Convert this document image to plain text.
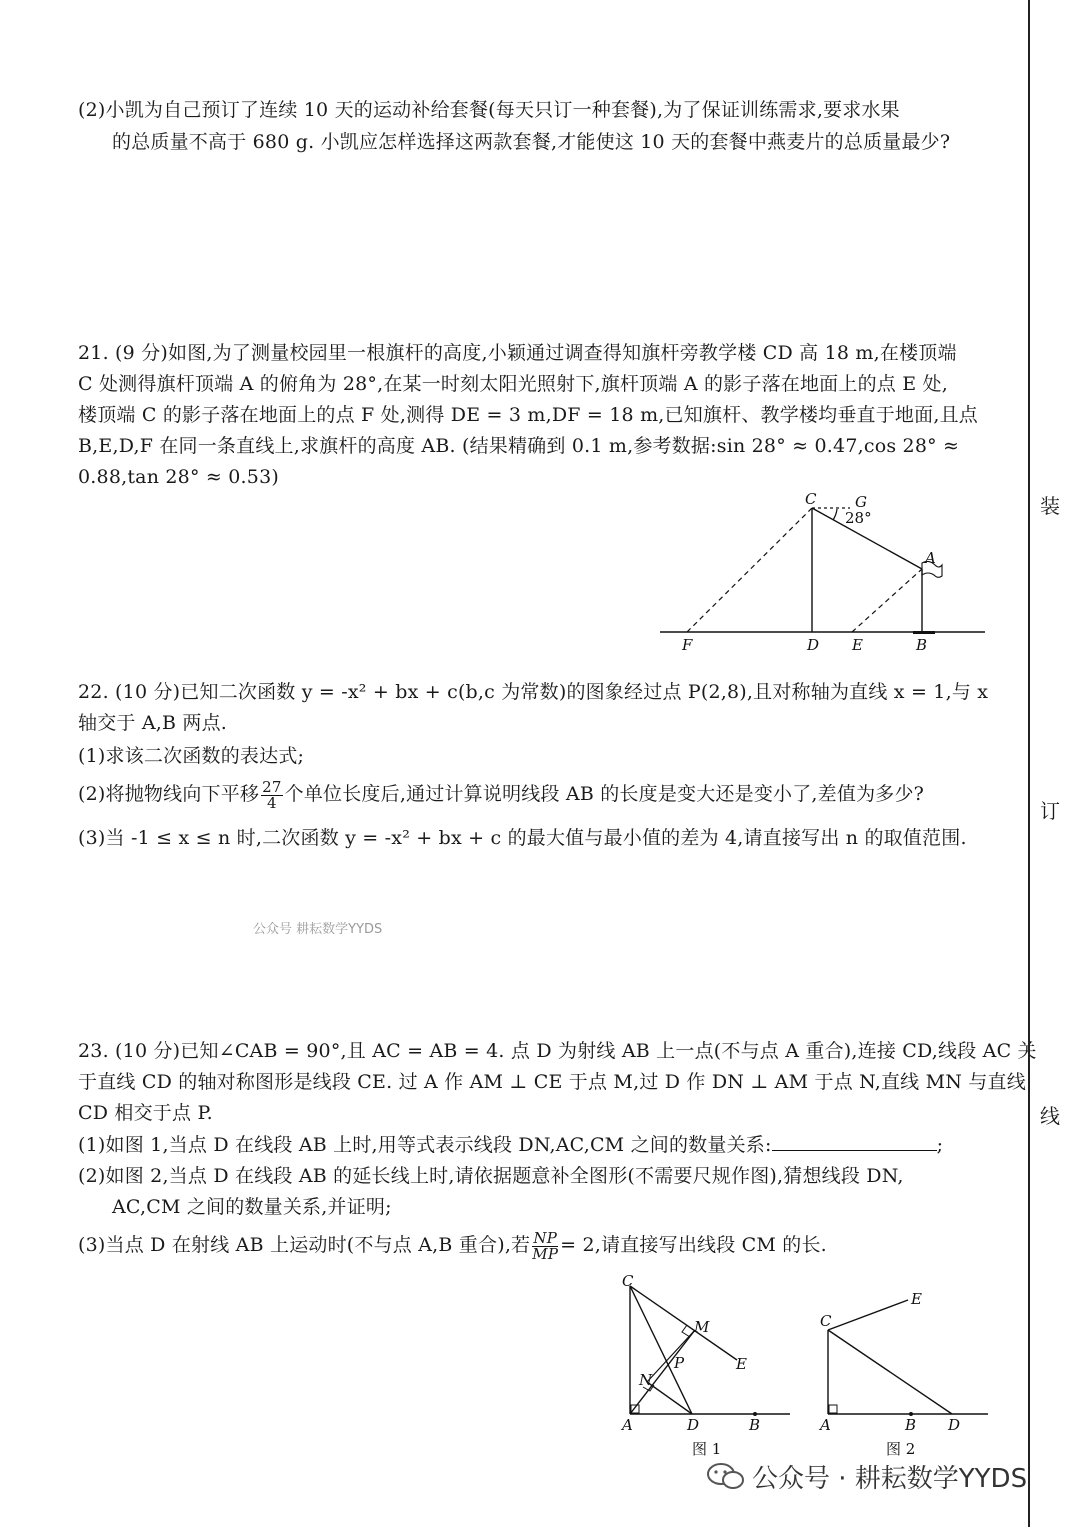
装
订
线
(2)小凯为自己预订了连续 10 天的运动补给套餐(每天只订一种套餐),为了保证训练需求,要求水果
的总质量不高于 680 g. 小凯应怎样选择这两款套餐,才能使这 10 天的套餐中燕麦片的总质量最少?
21. (9 分)如图,为了测量校园里一根旗杆的高度,小颖通过调查得知旗杆旁教学楼 CD 高 18 m,在楼顶端
C 处测得旗杆顶端 A 的俯角为 28°,在某一时刻太阳光照射下,旗杆顶端 A 的影子落在地面上的点 E 处,
楼顶端 C 的影子落在地面上的点 F 处,测得 DE = 3 m,DF = 18 m,已知旗杆、教学楼均垂直于地面,且点
B,E,D,F 在同一条直线上,求旗杆的高度 AB. (结果精确到 0.1 m,参考数据:sin 28° ≈ 0.47,cos 28° ≈
0.88,tan 28° ≈ 0.53)
C	G
28°
A
F	D E	B
22. (10 分)已知二次函数 y = -x² + bx + c(b,c 为常数)的图象经过点 P(2,8),且对称轴为直线 x = 1,与 x
轴交于 A,B 两点.
(1)求该二次函数的表达式;
(2)将抛物线向下平移 $\frac{27}{4}$ 个单位长度后,通过计算说明线段 AB 的长度是变大还是变小了,差值为多少?
(3)当 -1 ≤ x ≤ n 时,二次函数 y = -x² + bx + c 的最大值与最小值的差为 4,请直接写出 n 的取值范围.
公众号 耕耘数学YYDS
23. (10 分)已知∠CAB = 90°,且 AC = AB = 4. 点 D 为射线 AB 上一点(不与点 A 重合),连接 CD,线段 AC 关
于直线 CD 的轴对称图形是线段 CE. 过 A 作 AM ⊥ CE 于点 M,过 D 作 DN ⊥ AM 于点 N,直线 MN 与直线
CD 相交于点 P.
(1)如图 1,当点 D 在线段 AB 上时,用等式表示线段 DN,AC,CM 之间的数量关系:	;
(2)如图 2,当点 D 在线段 AB 的延长线上时,请依据题意补全图形(不需要尺规作图),猜想线段 DN,
AC,CM 之间的数量关系,并证明;
(3)当点 D 在射线 AB 上运动时(不与点 A,B 重合),若 $\frac{NP}{MP} = 2$,请直接写出线段 CM 的长.
C
M
P	E
N
A	D	B
图 1
E
C
A	B D
图 2
公众号 · 耕耘数学YYDS
